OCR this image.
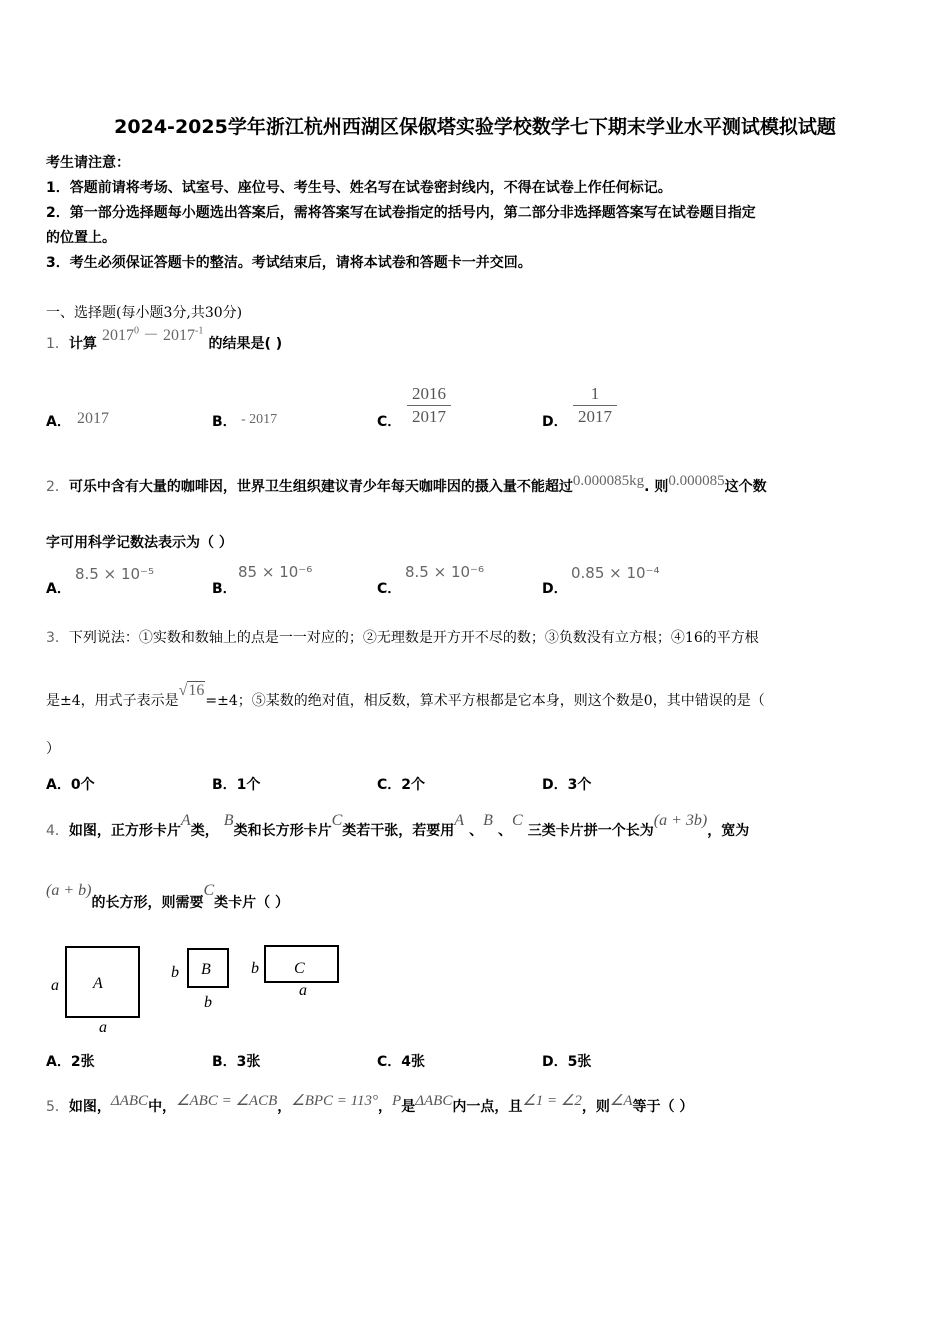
2024-2025学年浙江杭州西湖区保俶塔实验学校数学七下期末学业水平测试模拟试题
考生请注意：
1．答题前请将考场、试室号、座位号、考生号、姓名写在试卷密封线内，不得在试卷上作任何标记。
2．第一部分选择题每小题选出答案后，需将答案写在试卷指定的括号内，第二部分非选择题答案写在试卷题目指定
的位置上。
3．考生必须保证答题卡的整洁。考试结束后，请将本试卷和答题卡一并交回。
一、选择题(每小题3分,共30分)
1．计算 $2017^0 - 2017^{-1}$ 的结果是( )
A． 2017	B． - 2017	C． $\frac{2016}{2017}$	D． $\frac{1}{2017}$
2．可乐中含有大量的咖啡因，世界卫生组织建议青少年每天咖啡因的摄入量不能超过0.000085kg. 则0.000085这个数
字可用科学记数法表示为（ ）
A．
8.5 × 10⁻⁵
B．
85 × 10⁻⁶
C．
8.5 × 10⁻⁶
D．
0.85 × 10⁻⁴
3．下列说法：①实数和数轴上的点是一一对应的；②无理数是开方开不尽的数；③负数没有立方根；④16的平方根
是±4，用式子表示是√16=±4；⑤某数的绝对值，相反数，算术平方根都是它本身，则这个数是0，其中错误的是（
）
A．0个	B．1个	C．2个	D．3个
4．如图，正方形卡片A类， B类和长方形卡片C类若干张，若要用A 、B 、C 三类卡片拼一个长为(a + 3b)，宽为
(a + b)的长方形，则需要C类卡片（ ）
A
a
a
B
b
b
C
b
a
A．2张	B．3张	C．4张	D．5张
5．如图，ΔABC中，∠ABC = ∠ACB，∠BPC = 113°，P是ΔABC内一点，且∠1 = ∠2，则∠A等于（ ）
